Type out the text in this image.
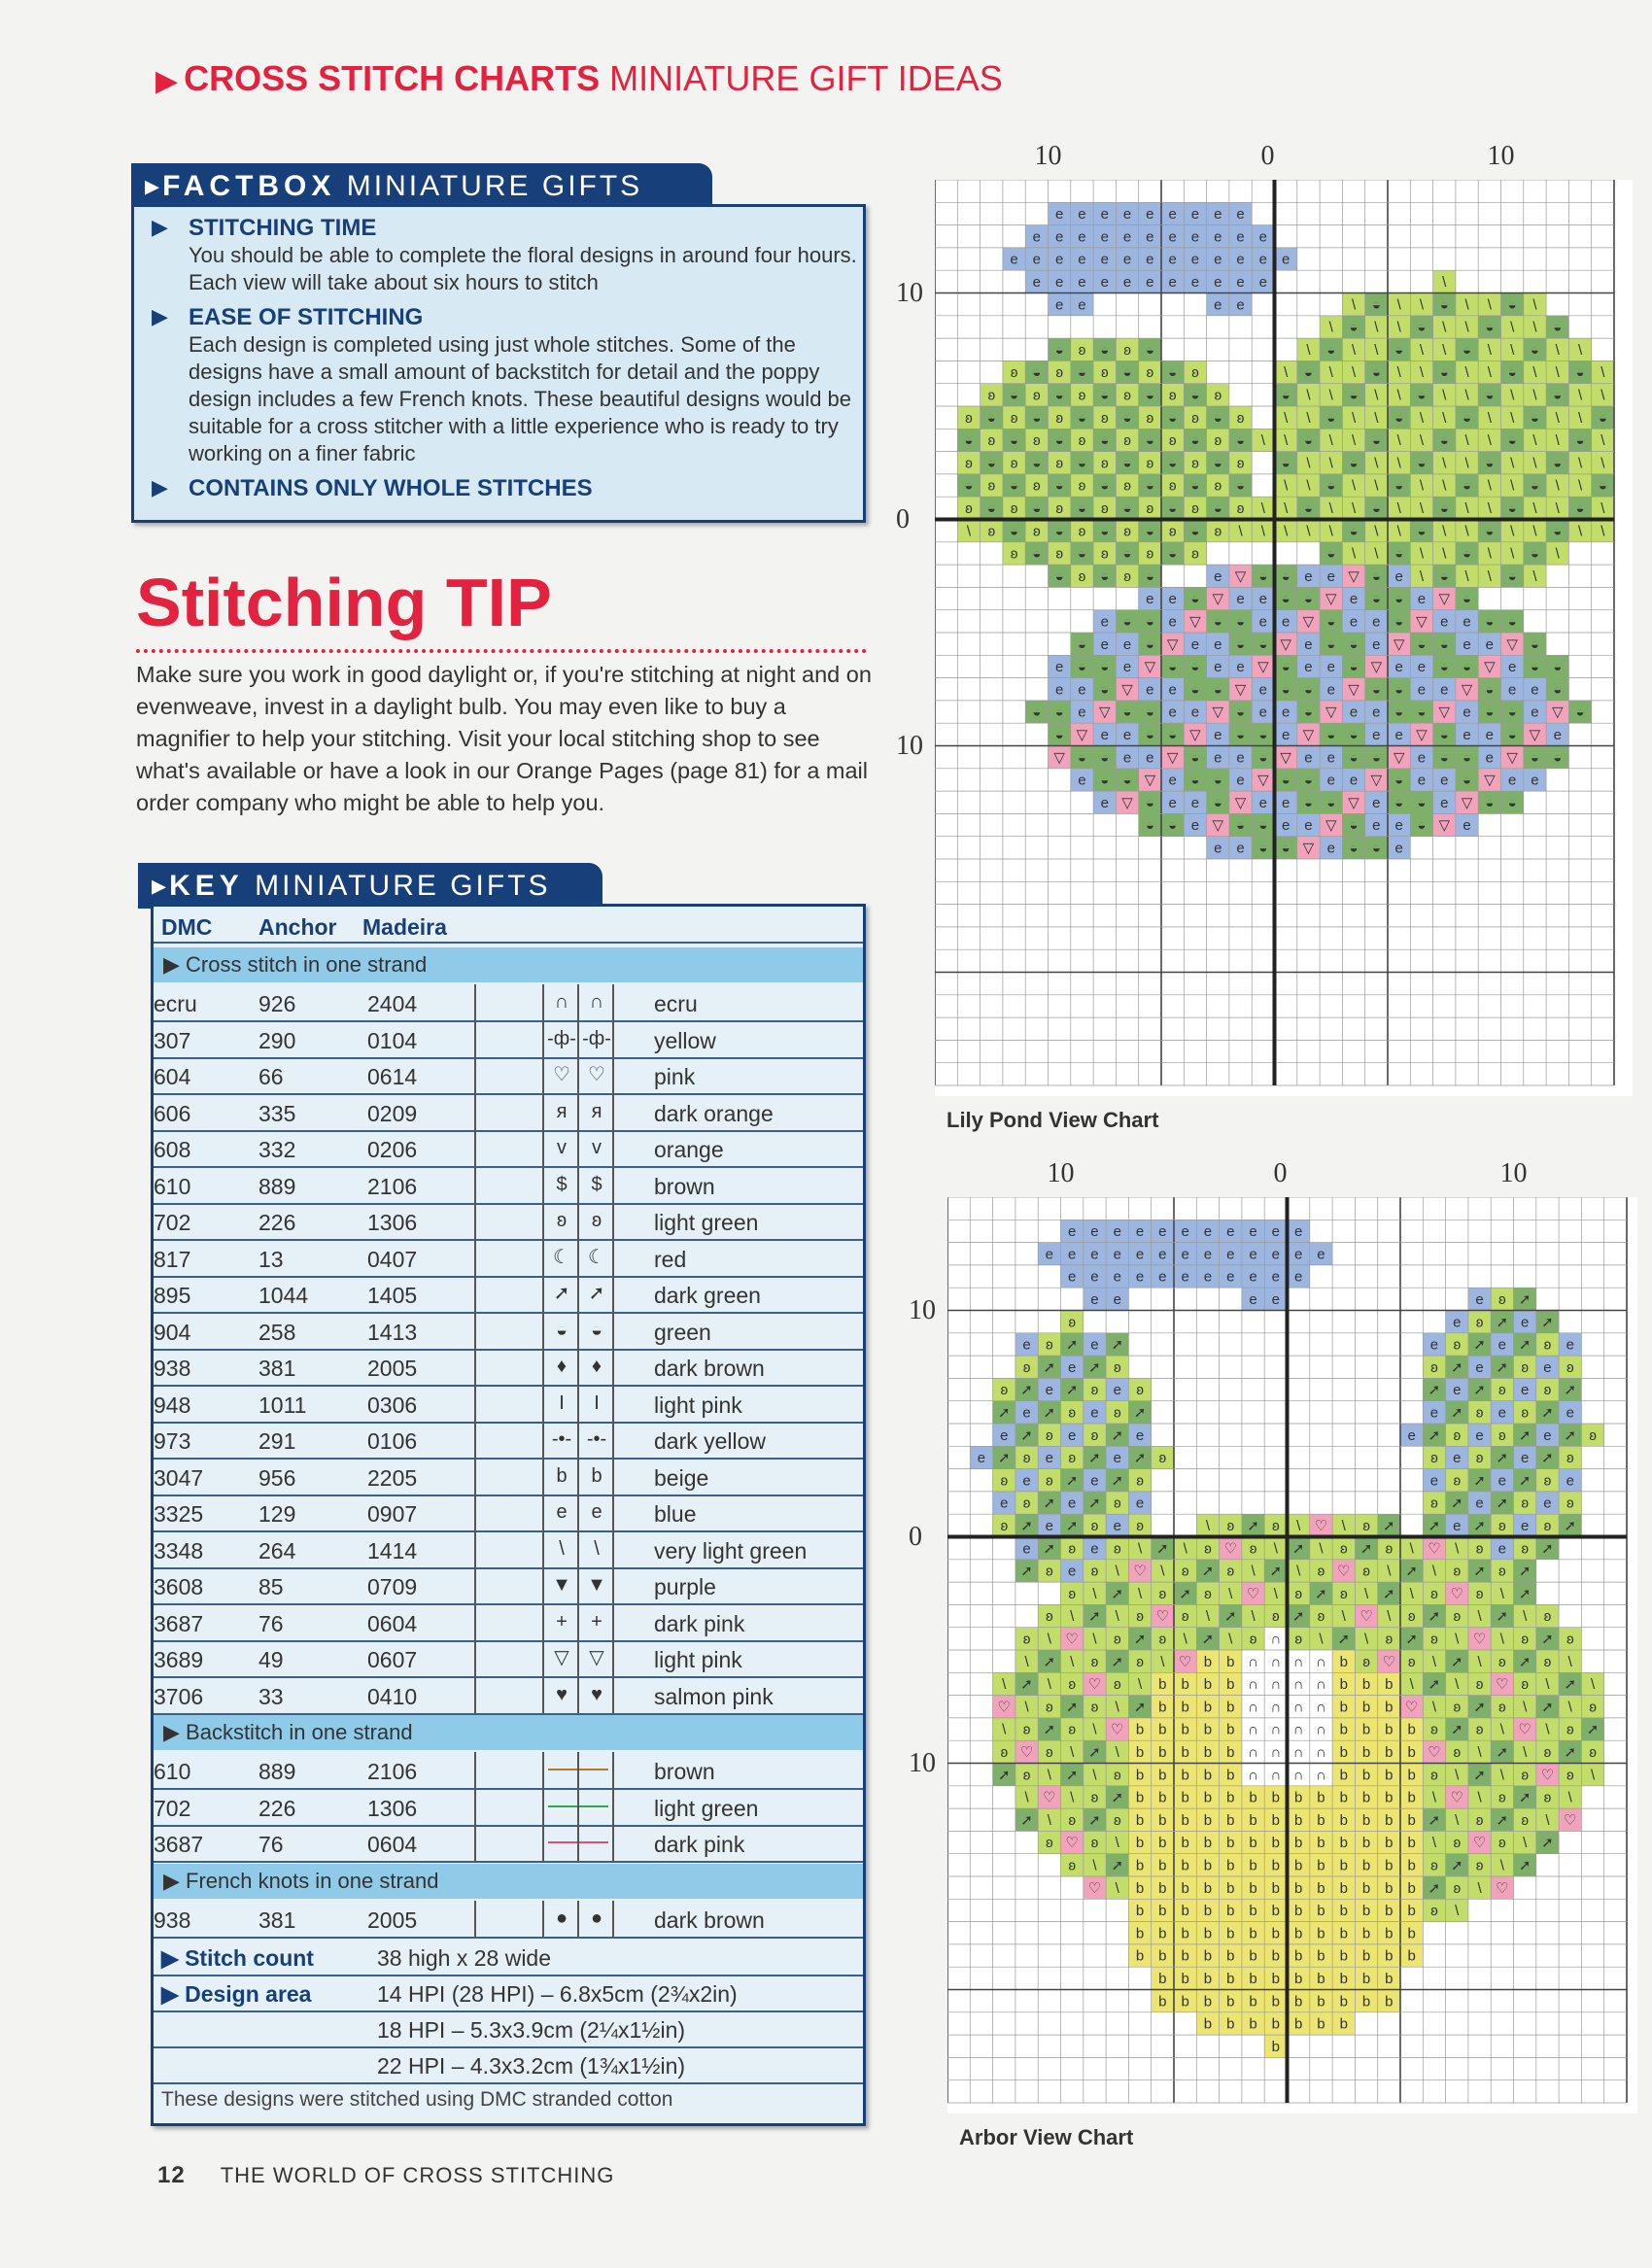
▶ CROSS STITCH CHARTS MINIATURE GIFT IDEAS
▸FACTBOX MINIATURE GIFTS
▶ STITCHING TIME
You should be able to complete the floral designs in around four hours. Each view will take about six hours to stitch
▶ EASE OF STITCHING
Each design is completed using just whole stitches. Some of the designs have a small amount of backstitch for detail and the poppy design includes a few French knots. These beautiful designs would be suitable for a cross stitcher with a little experience who is ready to try working on a finer fabric
▶ CONTAINS ONLY WHOLE STITCHES
Stitching TIP
Make sure you work in good daylight or, if you're stitching at night and on evenweave, invest in a daylight bulb. You may even like to buy a magnifier to help your stitching. Visit your local stitching shop to see what's available or have a look in our Orange Pages (page 81) for a mail order company who might be able to help you.
▸KEY MINIATURE GIFTS
DMC Anchor Madeira
▶ Cross stitch in one strand
ecru	926	2404	∩	∩	ecru
307	290	0104	-ф- -ф- yellow
604	66	0614	♡ ♡	pink
606	335	0209	я	я	dark orange
608	332	0206	v	v	orange
610	889	2106	$	$	brown
702	226	1306	ʚ	ʚ	light green
817	13	0407	☾ ☾	red
895	1044	1405	➚ ➚	dark green
904	258	1413	◒	◒	green
938	381	2005	♦	♦	dark brown
948	1011	0306	I	I	light pink
973	291	0106	-•- -•-	dark yellow
3047 956	2205	b	b	beige
3325 129	0907	e	e	blue
3348 264	1414	\	\	very light green
3608 85	0709	▼ ▼	purple
3687 76	0604	+	+	dark pink
3689 49	0607	▽	▽	light pink
3706 33	0410	♥	♥	salmon pink
▶ Backstitch in one strand
610	889	2106	brown
702	226	1306	light green
3687 76	0604	dark pink
▶ French knots in one strand
938	381	2005	●	●	dark brown
▶ Stitch count	38 high x 28 wide
▶ Design area	14 HPI (28 HPI) – 6.8x5cm (2¾x2in)
18 HPI – 5.3x3.9cm (2¼x1½in)
22 HPI – 4.3x3.2cm (1¾x1½in)
These designs were stitched using DMC stranded cotton
e e e e e e e e e
e e e e e e e e e e e
e e e e e e e e e e e e e
e e e e e e e e e e e	\
e e	e e	\ ◒ \ \ ◒ \ \ ◒ \
\ ◒ \ \ ◒ \ \ ◒ \ \ ◒
◒ ʚ ◒ ʚ ◒	\ ◒ \ \ ◒ \ \ ◒ \ \ ◒ \ \
ʚ ◒ ʚ ◒ ʚ ◒ ʚ ◒ ʚ	\ ◒ \ \ ◒ \ \ ◒ \ \ ◒ \ \ ◒ \
ʚ ◒ ʚ ◒ ʚ ◒ ʚ ◒ ʚ ◒ ʚ	◒ \ \ ◒ \ \ ◒ \ \ ◒ \ \ ◒ \ \
ʚ ◒ ʚ ◒ ʚ ◒ ʚ ◒ ʚ ◒ ʚ ◒ ʚ	\ \ ◒ \ \ ◒ \ \ ◒ \ \ ◒ \ \ ◒
◒ ʚ ◒ ʚ ◒ ʚ ◒ ʚ ◒ ʚ ◒ ʚ ◒ \ \ ◒ \ \ ◒ \ \ ◒ \ \ ◒ \ \ ◒ \
ʚ ◒ ʚ ◒ ʚ ◒ ʚ ◒ ʚ ◒ ʚ ◒ ʚ	◒ \ \ ◒ \ \ ◒ \ \ ◒ \ \ ◒ \ \
◒ ʚ ◒ ʚ ◒ ʚ ◒ ʚ ◒ ʚ ◒ ʚ ◒	\ \ ◒ \ \ ◒ \ \ ◒ \ \ ◒ \ \ ◒
ʚ ◒ ʚ ◒ ʚ ◒ ʚ ◒ ʚ ◒ ʚ ◒ ʚ \ \ ◒ \ \ ◒ \ \ ◒ \ \ ◒ \ \ ◒ \
\ ʚ ◒ ʚ ◒ ʚ ◒ ʚ ◒ ʚ ◒ ʚ \ \ \ \ \ ◒ \ \ ◒ \ \ ◒ \ \ ◒ \ \
ʚ ◒ ʚ ◒ ʚ ◒ ʚ ◒ ʚ	◒ \ \ ◒ \ \ ◒ \ \ ◒ \
◒ ʚ ◒ ʚ ◒	e ▽ ◒ ◒ e e ▽ ◒ e \ ◒ \ \ ◒ \
e e ◒ ▽ e e ◒ ◒ ▽ e ◒ ◒ e ▽ ◒
e ◒ ◒ e ▽ ◒ ◒ e e ▽ ◒ e e ◒ ▽ e e ◒ ◒
◒ e e ◒ ▽ e e ◒ ◒ ▽ e ◒ ◒ e ▽ ◒ ◒ e e ▽ ◒
e ◒ ◒ e ▽ ◒ ◒ e e ▽ ◒ e e ◒ ▽ e e ◒ ◒ ▽ e ◒ ◒
e e ◒ ▽ e e ◒ ◒ ▽ e ◒ ◒ e ▽ ◒ ◒ e e ▽ ◒ e e ◒
◒ ◒ e ▽ ◒ ◒ e e ▽ ◒ e e ◒ ▽ e e ◒ ◒ ▽ e ◒ ◒ e ▽ ◒
◒ ▽ e e ◒ ◒ ▽ e ◒ ◒ e ▽ ◒ ◒ e e ▽ ◒ e e ◒ ▽ e
▽ ◒ ◒ e e ▽ ◒ e e ◒ ▽ e e ◒ ◒ ▽ e ◒ ◒ e ▽ ◒ ◒
e ◒ ◒ ▽ e ◒ ◒ e ▽ ◒ ◒ e e ▽ ◒ e e ◒ ▽ e e
e ▽ ◒ e e ◒ ▽ e e ◒ ◒ ▽ e ◒ ◒ e ▽ ◒ ◒
◒ ◒ e ▽ ◒ ◒ e e ▽ ◒ e e ◒ ▽ e
e e ◒ ◒ ▽ e ◒ ◒ e
10	0	10
10
0
10
Lily Pond View Chart
e e e e e e e e e e e
e e e e e e e e e e e e e
e e e e e e e e e e e
e e	e e	e ʚ ➚
ʚ	e ʚ ➚ e ➚
e ʚ ➚ e ➚	e ʚ ➚ e ➚ ʚ e
ʚ ➚ e ➚ ʚ	ʚ ➚ e ➚ ʚ e ʚ
ʚ ➚ e ➚ ʚ e ʚ	➚ e ➚ ʚ e ʚ ➚
➚ e ➚ ʚ e ʚ ➚	e ➚ ʚ e ʚ ➚ e
e ➚ ʚ e ʚ ➚ e	e ➚ ʚ e ʚ ➚ e ➚ ʚ
e ➚ ʚ e ʚ ➚ e ➚ ʚ	ʚ e ʚ ➚ e ➚ ʚ
ʚ e ʚ ➚ e ➚ ʚ	e ʚ ➚ e ➚ ʚ e
e ʚ ➚ e ➚ ʚ e	ʚ ➚ e ➚ ʚ e ʚ
ʚ ➚ e ➚ ʚ e ʚ	\ ʚ ➚ ʚ \ ♡ \ ʚ ➚ ➚ e ➚ ʚ e ʚ ➚
e ➚ ʚ e ʚ \ ➚ \ ʚ ♡ ʚ \ ➚ \ ʚ ➚ ʚ \ ♡ \ ʚ e ʚ ➚
➚ ʚ e ʚ \ ♡ \ ʚ ➚ ʚ \ ➚ \ ʚ ♡ ʚ \ ➚ \ ʚ ➚ ʚ ➚
ʚ \ ➚ \ ʚ ➚ ʚ \ ♡ \ ʚ ➚ ʚ \ ➚ \ ʚ ♡ ʚ \ ➚
ʚ \ ➚ \ ʚ ♡ ʚ \ ➚ \ ʚ ➚ ʚ \ ♡ \ ʚ ➚ ʚ \ ➚ \ ʚ
ʚ \ ♡ \ ʚ ➚ ʚ \ ➚ \ ʚ ∩ ʚ \ ➚ \ ʚ ➚ ʚ \ ♡ \ ʚ ➚ ʚ
\ ➚ \ ʚ ➚ ʚ \ ♡ b b ∩ ∩ ∩ ∩ b ʚ ♡ ʚ \ ➚ \ ʚ ➚ ʚ \
\ ➚ \ ʚ ♡ ʚ \ b b b b ∩ ∩ ∩ ∩ b b b \ ➚ \ ʚ ♡ ʚ \ ➚ \
♡ \ ʚ ➚ ʚ \ ➚ b b b b ∩ ∩ ∩ ∩ b b b ♡ \ ʚ ➚ ʚ \ ➚ \ ʚ
\ ʚ ➚ ʚ \ ♡ b b b b b ∩ ∩ ∩ ∩ b b b b ʚ ➚ ʚ \ ♡ \ ʚ ➚
ʚ ♡ ʚ \ ➚ \ b b b b b ∩ ∩ ∩ ∩ b b b b ♡ ʚ \ ➚ \ ʚ ➚ ʚ
➚ ʚ \ ➚ \ ʚ b b b b b ∩ ∩ ∩ ∩ b b b b ʚ \ ➚ \ ʚ ♡ ʚ \
\ ♡ \ ʚ ➚ b b b b b b b b b b b b b \ ♡ \ ʚ ➚ ʚ \
➚ \ ʚ ➚ ʚ b b b b b b b b b b b b b ➚ \ ʚ ➚ ʚ \ ♡
ʚ ♡ ʚ \ b b b b b b b b b b b b b \ ʚ ♡ ʚ \ ➚
ʚ \ ➚ b b b b b b b b b b b b b ʚ ➚ ʚ \ ➚
♡ \ b b b b b b b b b b b b b ➚ ʚ \ ♡
b b b b b b b b b b b b b ʚ \
b b b b b b b b b b b b b
b b b b b b b b b b b b b
b b b b b b b b b b b
b b b b b b b b b b b
b b b b b b b
b
10	0	10
10
0
10
Arbor View Chart
12 THE WORLD OF CROSS STITCHING
